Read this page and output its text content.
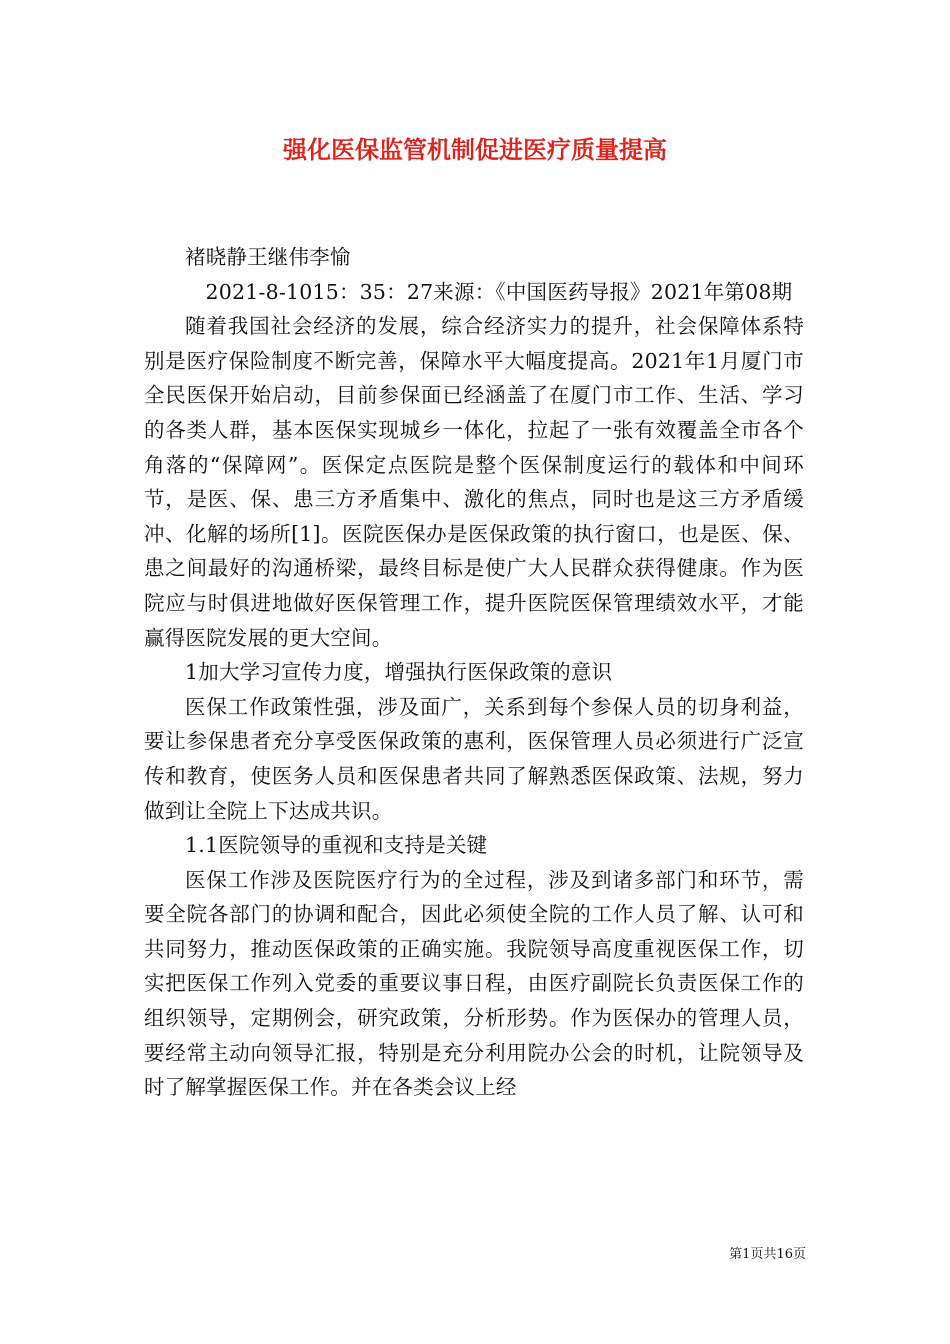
强化医保监管机制促进医疗质量提高

褚晓静王继伟李愉

2021-8-1015：35：27来源：《中国医药导报》2021年第08期

随着我国社会经济的发展，综合经济实力的提升，社会保障体系特别是医疗保险制度不断完善，保障水平大幅度提高。2021年1月厦门市全民医保开始启动，目前参保面已经涵盖了在厦门市工作、生活、学习的各类人群，基本医保实现城乡一体化，拉起了一张有效覆盖全市各个角落的“保障网”。医保定点医院是整个医保制度运行的载体和中间环节，是医、保、患三方矛盾集中、激化的焦点，同时也是这三方矛盾缓冲、化解的场所[1]。医院医保办是医保政策的执行窗口，也是医、保、患之间最好的沟通桥梁，最终目标是使广大人民群众获得健康。作为医院应与时俱进地做好医保管理工作，提升医院医保管理绩效水平，才能赢得医院发展的更大空间。

1加大学习宣传力度，增强执行医保政策的意识

医保工作政策性强，涉及面广，关系到每个参保人员的切身利益，要让参保患者充分享受医保政策的惠利，医保管理人员必须进行广泛宣传和教育，使医务人员和医保患者共同了解熟悉医保政策、法规，努力做到让全院上下达成共识。

1.1医院领导的重视和支持是关键

医保工作涉及医院医疗行为的全过程，涉及到诸多部门和环节，需要全院各部门的协调和配合，因此必须使全院的工作人员了解、认可和共同努力，推动医保政策的正确实施。我院领导高度重视医保工作，切实把医保工作列入党委的重要议事日程，由医疗副院长负责医保工作的组织领导，定期例会，研究政策，分析形势。作为医保办的管理人员，要经常主动向领导汇报，特别是充分利用院办公会的时机，让院领导及时了解掌握医保工作。并在各类会议上经

第1页共16页
